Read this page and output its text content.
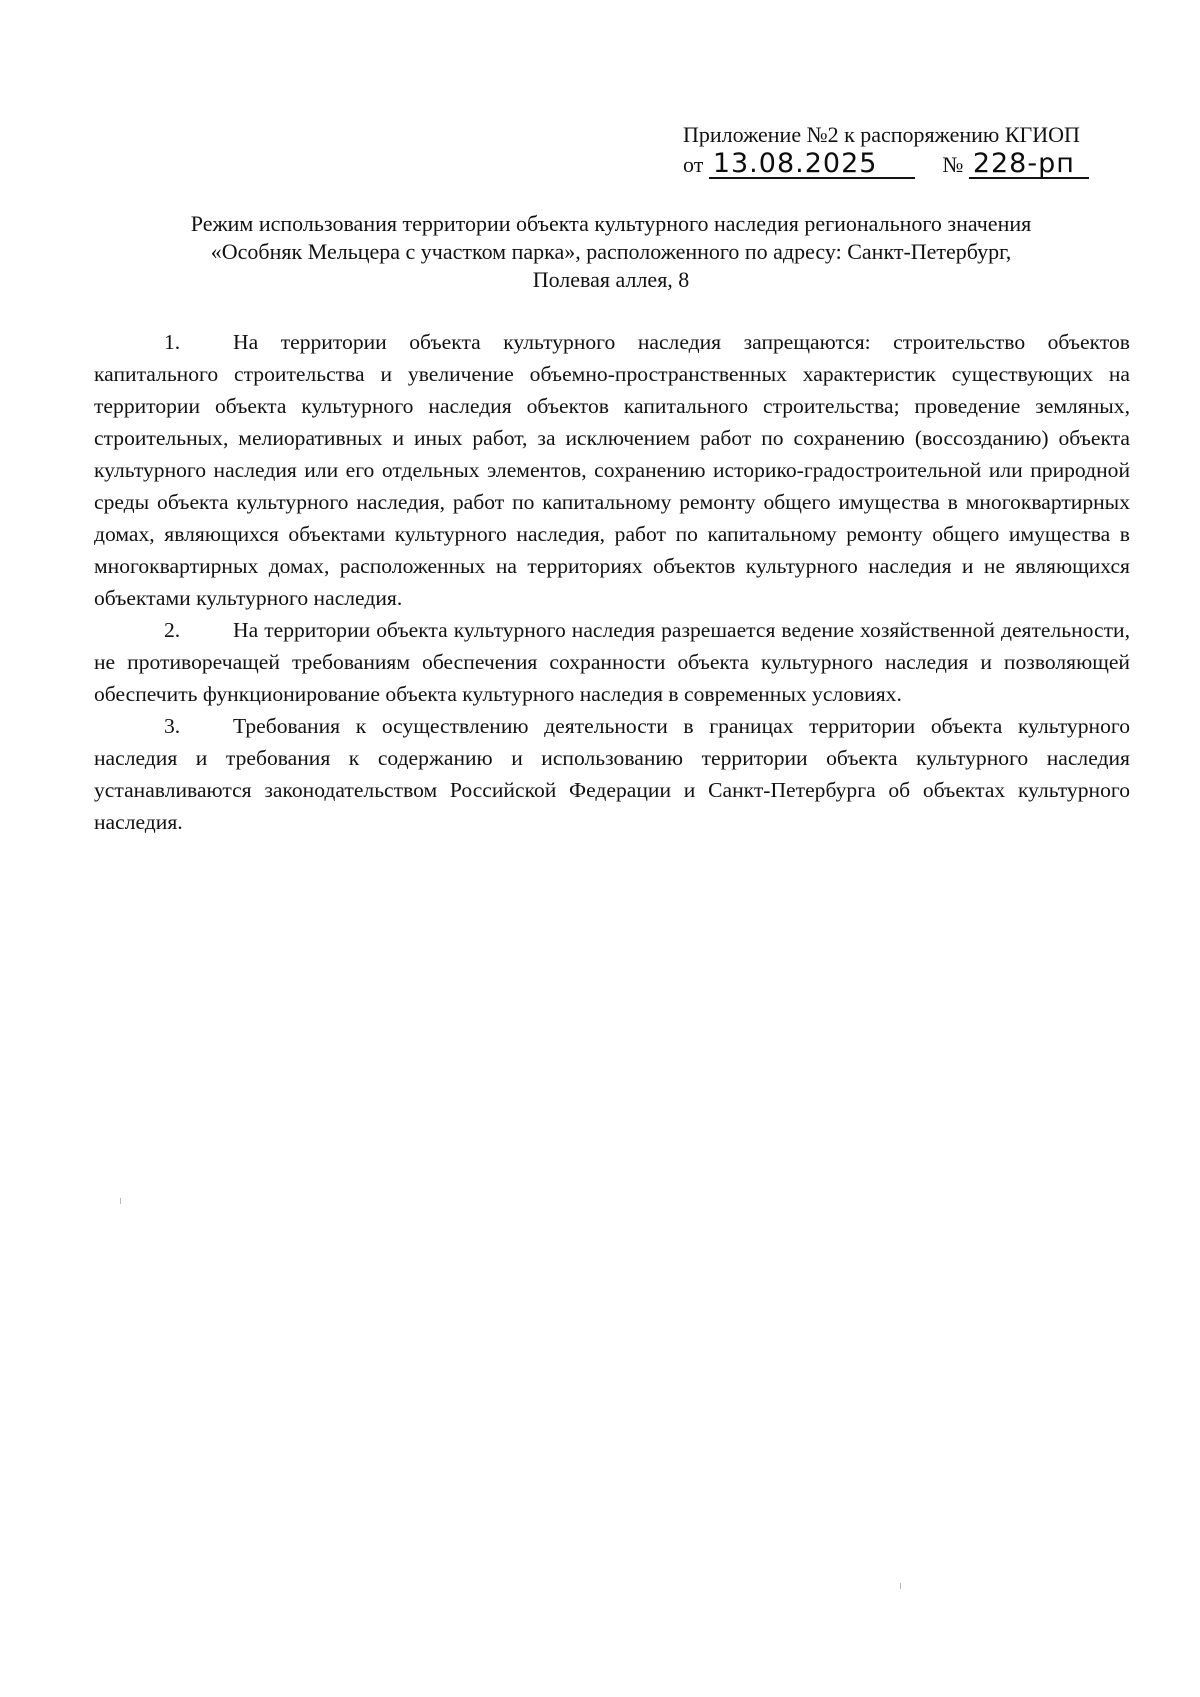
Приложение №2 к распоряжению КГИОП
от 13.08.2025	№ 228-рп
Режим использования территории объекта культурного наследия регионального значения
«Особняк Мельцера с участком парка», расположенного по адресу: Санкт-Петербург,
Полевая аллея, 8

1. На территории объекта культурного наследия запрещаются: строительство объектов капитального строительства и увеличение объемно-пространственных характеристик существующих на территории объекта культурного наследия объектов капитального строительства; проведение земляных, строительных, мелиоративных и иных работ, за исключением работ по сохранению (воссозданию) объекта культурного наследия или его отдельных элементов, сохранению историко-градостроительной или природной среды объекта культурного наследия, работ по капитальному ремонту общего имущества в многоквартирных домах, являющихся объектами культурного наследия, работ по капитальному ремонту общего имущества в многоквартирных домах, расположенных на территориях объектов культурного наследия и не являющихся объектами культурного наследия.

2. На территории объекта культурного наследия разрешается ведение хозяйственной деятельности, не противоречащей требованиям обеспечения сохранности объекта культурного наследия и позволяющей обеспечить функционирование объекта культурного наследия в современных условиях.

3. Требования к осуществлению деятельности в границах территории объекта культурного наследия и требования к содержанию и использованию территории объекта культурного наследия устанавливаются законодательством Российской Федерации и Санкт-Петербурга об объектах культурного наследия.
